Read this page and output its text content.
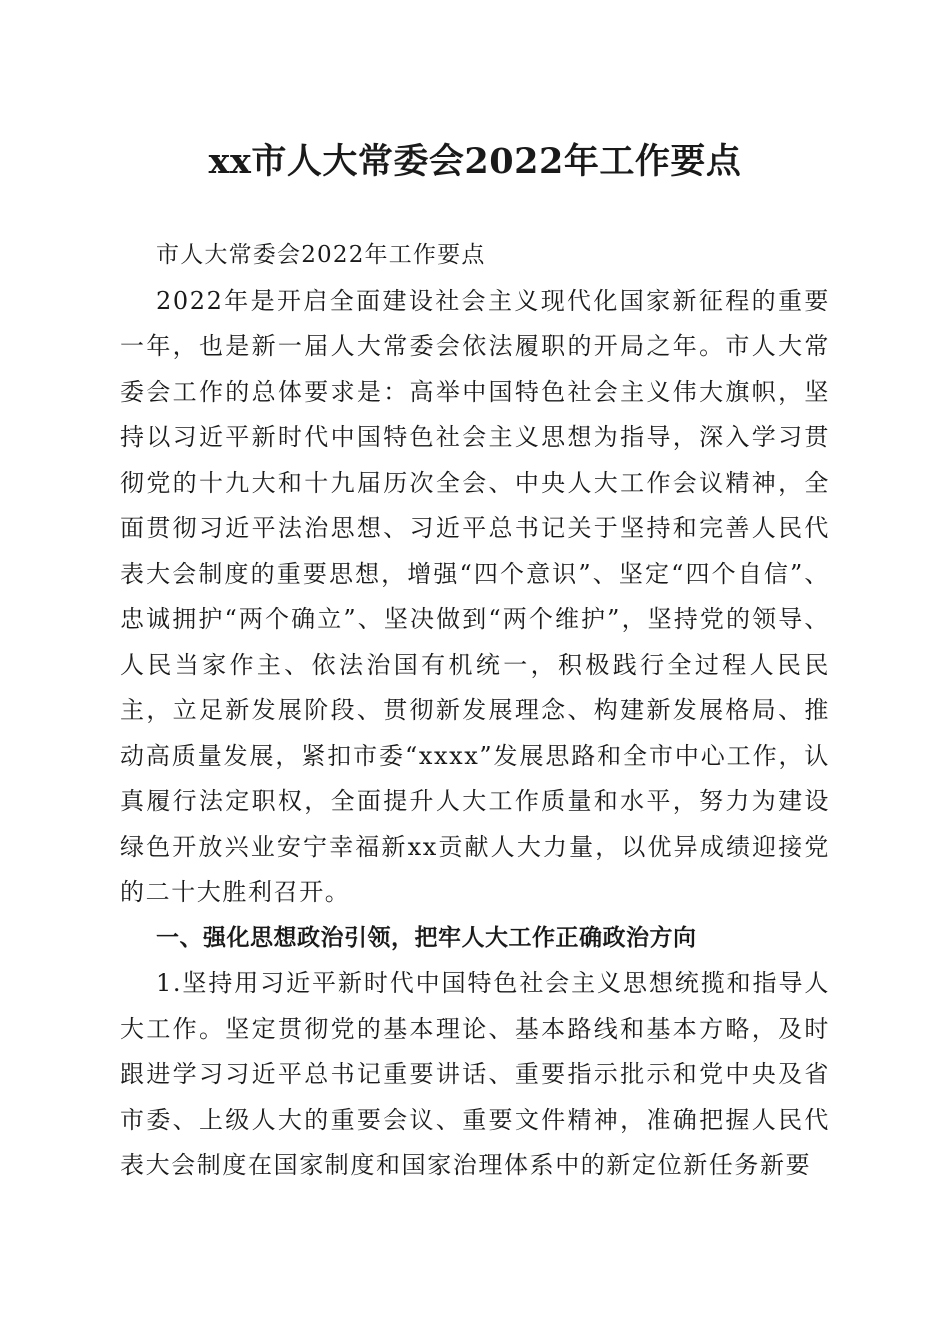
xx市人大常委会2022年工作要点

市人大常委会2022年工作要点

2022年是开启全面建设社会主义现代化国家新征程的重要一年，也是新一届人大常委会依法履职的开局之年。市人大常委会工作的总体要求是：高举中国特色社会主义伟大旗帜，坚持以习近平新时代中国特色社会主义思想为指导，深入学习贯彻党的十九大和十九届历次全会、中央人大工作会议精神，全面贯彻习近平法治思想、习近平总书记关于坚持和完善人民代表大会制度的重要思想，增强“四个意识”、坚定“四个自信”、忠诚拥护“两个确立”、坚决做到“两个维护”，坚持党的领导、人民当家作主、依法治国有机统一，积极践行全过程人民民主，立足新发展阶段、贯彻新发展理念、构建新发展格局、推动高质量发展，紧扣市委“xxxx”发展思路和全市中心工作，认真履行法定职权，全面提升人大工作质量和水平，努力为建设绿色开放兴业安宁幸福新xx贡献人大力量，以优异成绩迎接党的二十大胜利召开。

一、强化思想政治引领，把牢人大工作正确政治方向

1.坚持用习近平新时代中国特色社会主义思想统揽和指导人大工作。坚定贯彻党的基本理论、基本路线和基本方略，及时跟进学习习近平总书记重要讲话、重要指示批示和党中央及省市委、上级人大的重要会议、重要文件精神，准确把握人民代表大会制度在国家制度和国家治理体系中的新定位新任务新要
